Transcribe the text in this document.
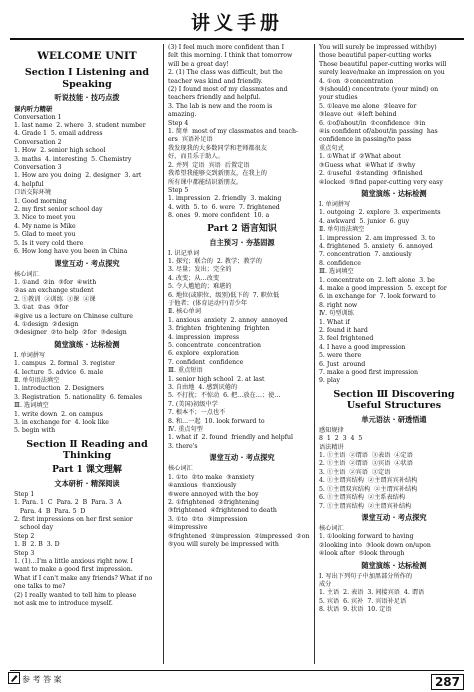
讲义手册
WELCOME UNIT
Section Ⅰ Listening and Speaking
听说技能 · 技巧点拨
课内听力精研
Conversation 1
1. last name  2. where  3. student number
4. Grade 1  5. email address
Conversation 2
1. How  2. senior high school
3. maths  4. interesting  5. Chemistry
Conversation 3
1. How are you doing  2. designer  3. art
4. helpful
口语交际环境
1. Good morning
2. my first senior school day
3. Nice to meet you
4. My name is Mike
5. Glad to meet you
5. Is it very cold there
6. How long have you been in China
课堂互动 · 考点探究
核心词汇
1. ①and  ②in  ③for  ④with
②as an exchange student
2. ①教训  ②训练  ③课  ④课
3. ①at  ②as  ③for
④give us a lecture on Chinese culture
4. ①design  ②design
③designer  ②to help  ②for  ③design
随堂演练 · 达标检测
Ⅰ. 单词拼写
1. campus  2. formal  3. register
4. lecture  5. advice  6. male
Ⅱ. 单句语法填空
1. introduction  2. Designers
3. Registration  5. nationality  6. females
Ⅲ. 选词填空
1. write down  2. on campus
3. in exchange for  4. look like
5. begin with
Section Ⅱ Reading and Thinking
Part 1 课文理解
文本研析 · 精深阅读
Step 1
1. Para. 1  C  Para. 2  B  Para. 3  A
Para. 4  B  Para. 5  D
2. first impressions on her first senior
school day
Step 2
1. B  2. B  3. D
Step 3
1. (1)…I'm a little anxious right now. I
want to make a good first impression.
What if I can't make any friends? What if no
one talks to me?
(2) I really wanted to tell him to please
not ask me to introduce myself.
(3) I feel much more confident than I
felt this morning. I think that tomorrow
will be a great day!
2. (1) The class was difficult, but the
teacher was kind and friendly.
(2) I found most of my classmates and
teachers friendly and helpful.
3. The lab is new and the room is
amazing.
Step 4
1. 简单  most of my classmates and teach-
ers  宾语补足语
我发现我的大多数同学和老师都很友
好，而且乐于助人。
2. 并列  定语  宾语  后置定语
我希望我能够交到新朋友，在我上的
所有课中都能结识新朋友。
Step 5
1. impression  2. friendly  3. making
4. with  5. to  6. were  7. frightened
8. ones  9. more confident  10. a
Part 2 语言知识
自主预习 · 夯基固源
Ⅰ. 识记单词
1. 探究；联合的  2. 教学；教学的
3. 尽量；发出；完全的
4. 改变；从…改变
5. 令人尴尬的；难堪的
6. 地位(或职位、级别)低下的  7. 职位低
于他者；(体育运动中)青少年
Ⅱ. 核心单词
1. anxious  anxiety  2. annoy  annoyed
3. frighten  frightening  frighten
4. impression  impress
5. concentrate  concentration
6. explore  exploration
7. confident  confidence
Ⅲ. 重点短语
1. senior high school  2. at last
3. 自由地  4. 感到厌倦的
5. 不打扰；不惊动  6. 把…放在…；使…
7. (美国)初级中学
7. 根本不；一点也不
8. 和…一起  10. look forward to
Ⅳ. 重点句型
1. what if  2. found  friendly and helpful
3. there's
课堂互动 · 考点探究
核心词汇
1. ①to  ②to make  ③anxiety
④anxious  ⑤anxiously
⑥were annoyed with the boy
2. ①frightened  ②frightening
③frightened  ④frightened to death
3. ①to  ②to  ③impression
④impressive
⑤frightened  ②impression  ②impressed  ②on
⑤you will surely be impressed with
You will surely be impressed with(by)
those beautiful paper-cutting works
Those beautiful paper-cutting works will
surely leave/make an impression on you
4. ①on  ②concentration
③(should) concentrate (your mind) on
your studies
5. ①leave me alone  ②leave for
③leave out  ④left behind
6. ①of/about/in  ②confidence  ③in
④is confident of/about/in passing  has
confidence in passing/to pass
重点句式
1. ①What if  ②What about
③Guess what  ④What if  ⑤why
2. ①useful  ②standing  ③finished
④locked  ⑤find paper-cutting very easy
随堂演练 · 达标检测
Ⅰ. 单词拼写
1. outgoing  2. explore  3. experiments
4. awkward  5. junior  6. guy
Ⅱ. 单句语法填空
1. impression  2. am impressed  3. to
4. frightened  5. anxiety  6. annoyed
7. concentration  7. anxiously
8. confidence
Ⅲ. 选词填空
1. concentrate on  2. left alone  3. be
4. make a good impression  5. except for
6. in exchange for  7. look forward to
8. right now
Ⅳ. 句型训练
1. What if
2. found it hard
3. feel frightened
4. I have a good impression
5. were there
6. Just  around
7. make a good first impression
9. play
Section Ⅲ Discovering Useful Structures
单元语法 · 研透悟通
感知规律
8  1  2  3  4  5
语法精讲
1. ①主语  ②谓语  ③表语  ④定语
2. ①主语  ②谓语  ③宾语  ④状语
3. ①主语  ②宾语  ③定语
4. ①主谓宾结构  ②主谓宾宾补结构
5. ①主谓双宾结构  ②主谓宾补结构
6. ①主谓宾结构  ②主系表结构
7. ①主谓宾结构  ②主谓宾补结构
课堂互动 · 考点探究
核心词汇
1. ①looking forward to having
②looking into  ③look down on/upon
④look after  ⑤look through
随堂演练 · 达标检测
Ⅰ. 写出下列句子中加黑部分所作的
成分
1. 主语  2. 表语  3. 间接宾语  4. 谓语
5. 宾语  6. 宾补  7. 宾语补足语
8. 状语  9. 状语  10. 定语
参 考 答 案	287
